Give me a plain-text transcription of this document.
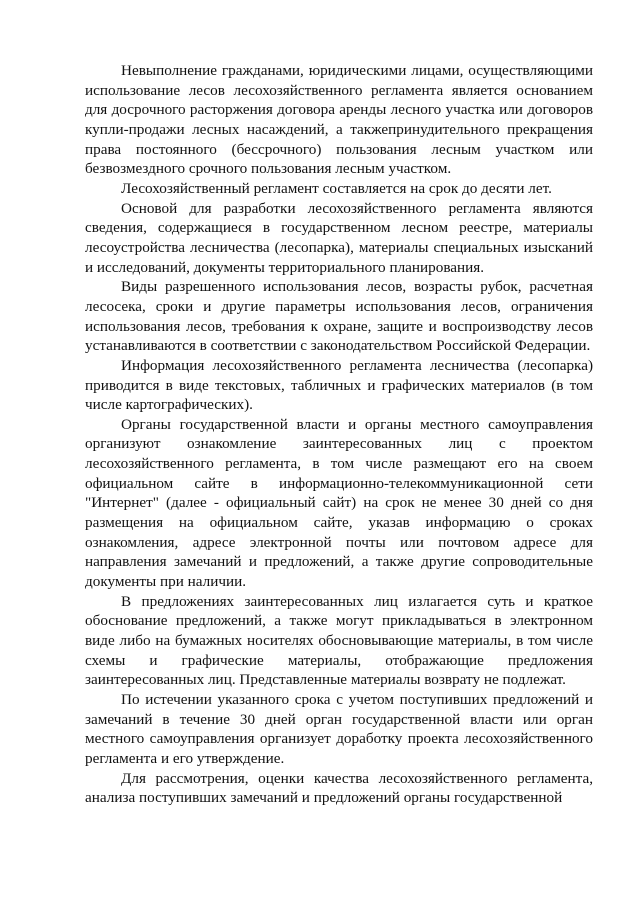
Невыполнение гражданами, юридическими лицами, осуществляющими использование лесов лесохозяйственного регламента является основанием для досрочного расторжения договора аренды лесного участка или договоров купли-продажи лесных насаждений, а такжепринудительного прекращения права постоянного (бессрочного) пользования лесным участком или безвозмездного срочного пользования лесным участком.

Лесохозяйственный регламент составляется на срок до десяти лет.

Основой для разработки лесохозяйственного регламента являются сведения, содержащиеся в государственном лесном реестре, материалы лесоустройства лесничества (лесопарка), материалы специальных изысканий и исследований, документы территориального планирования.

Виды разрешенного использования лесов, возрасты рубок, расчетная лесосека, сроки и другие параметры использования лесов, ограничения использования лесов, требования к охране, защите и воспроизводству лесов устанавливаются в соответствии с законодательством Российской Федерации.

Информация лесохозяйственного регламента лесничества (лесопарка) приводится в виде текстовых, табличных и графических материалов (в том числе картографических).

Органы государственной власти и органы местного самоуправления организуют ознакомление заинтересованных лиц с проектом лесохозяйственного регламента, в том числе размещают его на своем официальном сайте в информационно-телекоммуникационной сети "Интернет" (далее - официальный сайт) на срок не менее 30 дней со дня размещения на официальном сайте, указав информацию о сроках ознакомления, адресе электронной почты или почтовом адресе для направления замечаний и предложений, а также другие сопроводительные документы при наличии.

В предложениях заинтересованных лиц излагается суть и краткое обоснование предложений, а также могут прикладываться в электронном виде либо на бумажных носителях обосновывающие материалы, в том числе схемы и графические материалы, отображающие предложения заинтересованных лиц. Представленные материалы возврату не подлежат.

По истечении указанного срока с учетом поступивших предложений и замечаний в течение 30 дней орган государственной власти или орган местного самоуправления организует доработку проекта лесохозяйственного регламента и его утверждение.

Для рассмотрения, оценки качества лесохозяйственного регламента, анализа поступивших замечаний и предложений органы государственной
